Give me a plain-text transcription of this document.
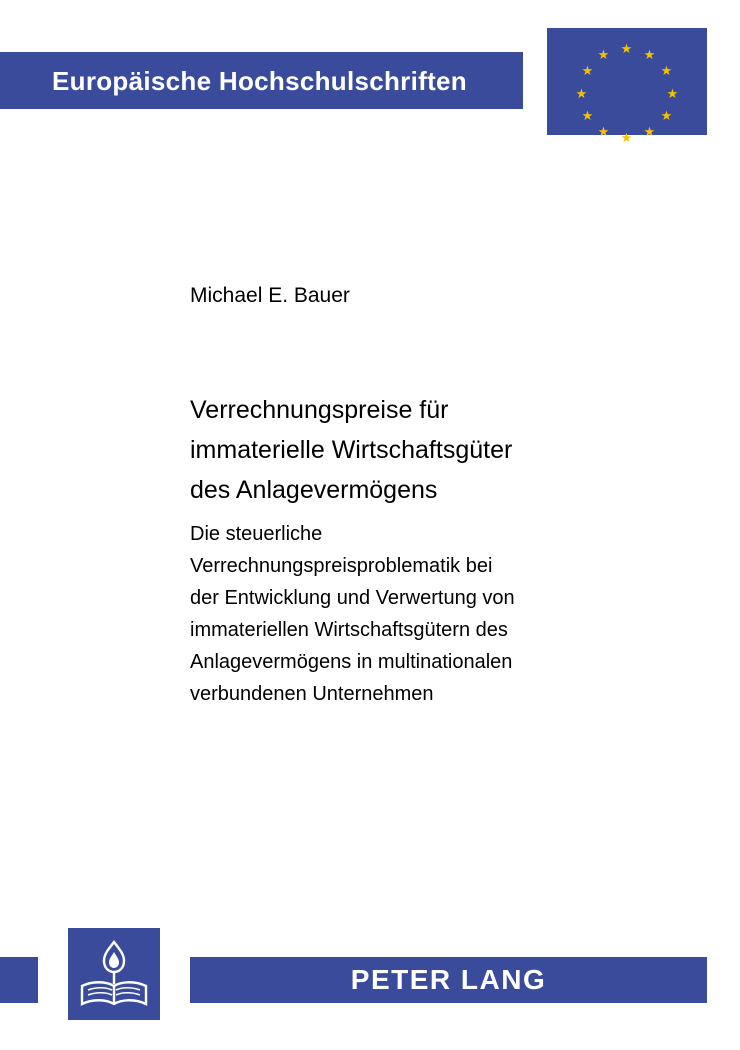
Europäische Hochschulschriften
★ ★
★
★
★
★
★
★
★
★
★
★
Michael E. Bauer
Verrechnungspreise für
immaterielle Wirtschaftsgüter
des Anlagevermögens
Die steuerliche
Verrechnungspreisproblematik bei
der Entwicklung und Verwertung von
immateriellen Wirtschaftsgütern des
Anlagevermögens in multinationalen
verbundenen Unternehmen
PETER LANG
